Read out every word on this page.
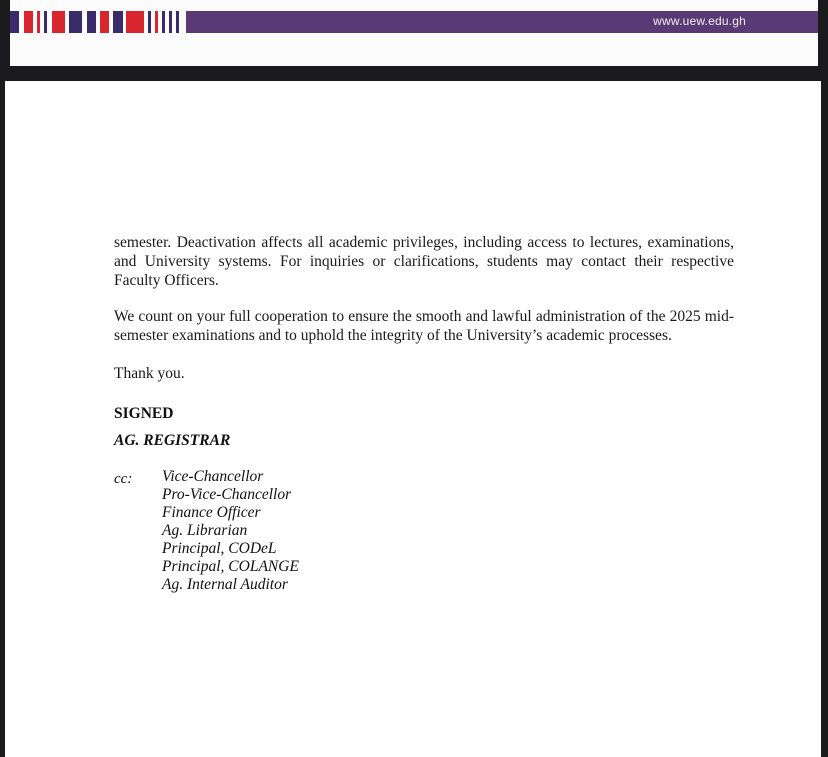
www.uew.edu.gh

semester. Deactivation affects all academic privileges, including access to lectures, examinations, and University systems. For inquiries or clarifications, students may contact their respective Faculty Officers.

We count on your full cooperation to ensure the smooth and lawful administration of the 2025 mid-semester examinations and to uphold the integrity of the University’s academic processes.

Thank you.

SIGNED
AG. REGISTRAR
cc: Vice-Chancellor
Pro-Vice-Chancellor
Finance Officer
Ag. Librarian
Principal, CODeL
Principal, COLANGE
Ag. Internal Auditor
